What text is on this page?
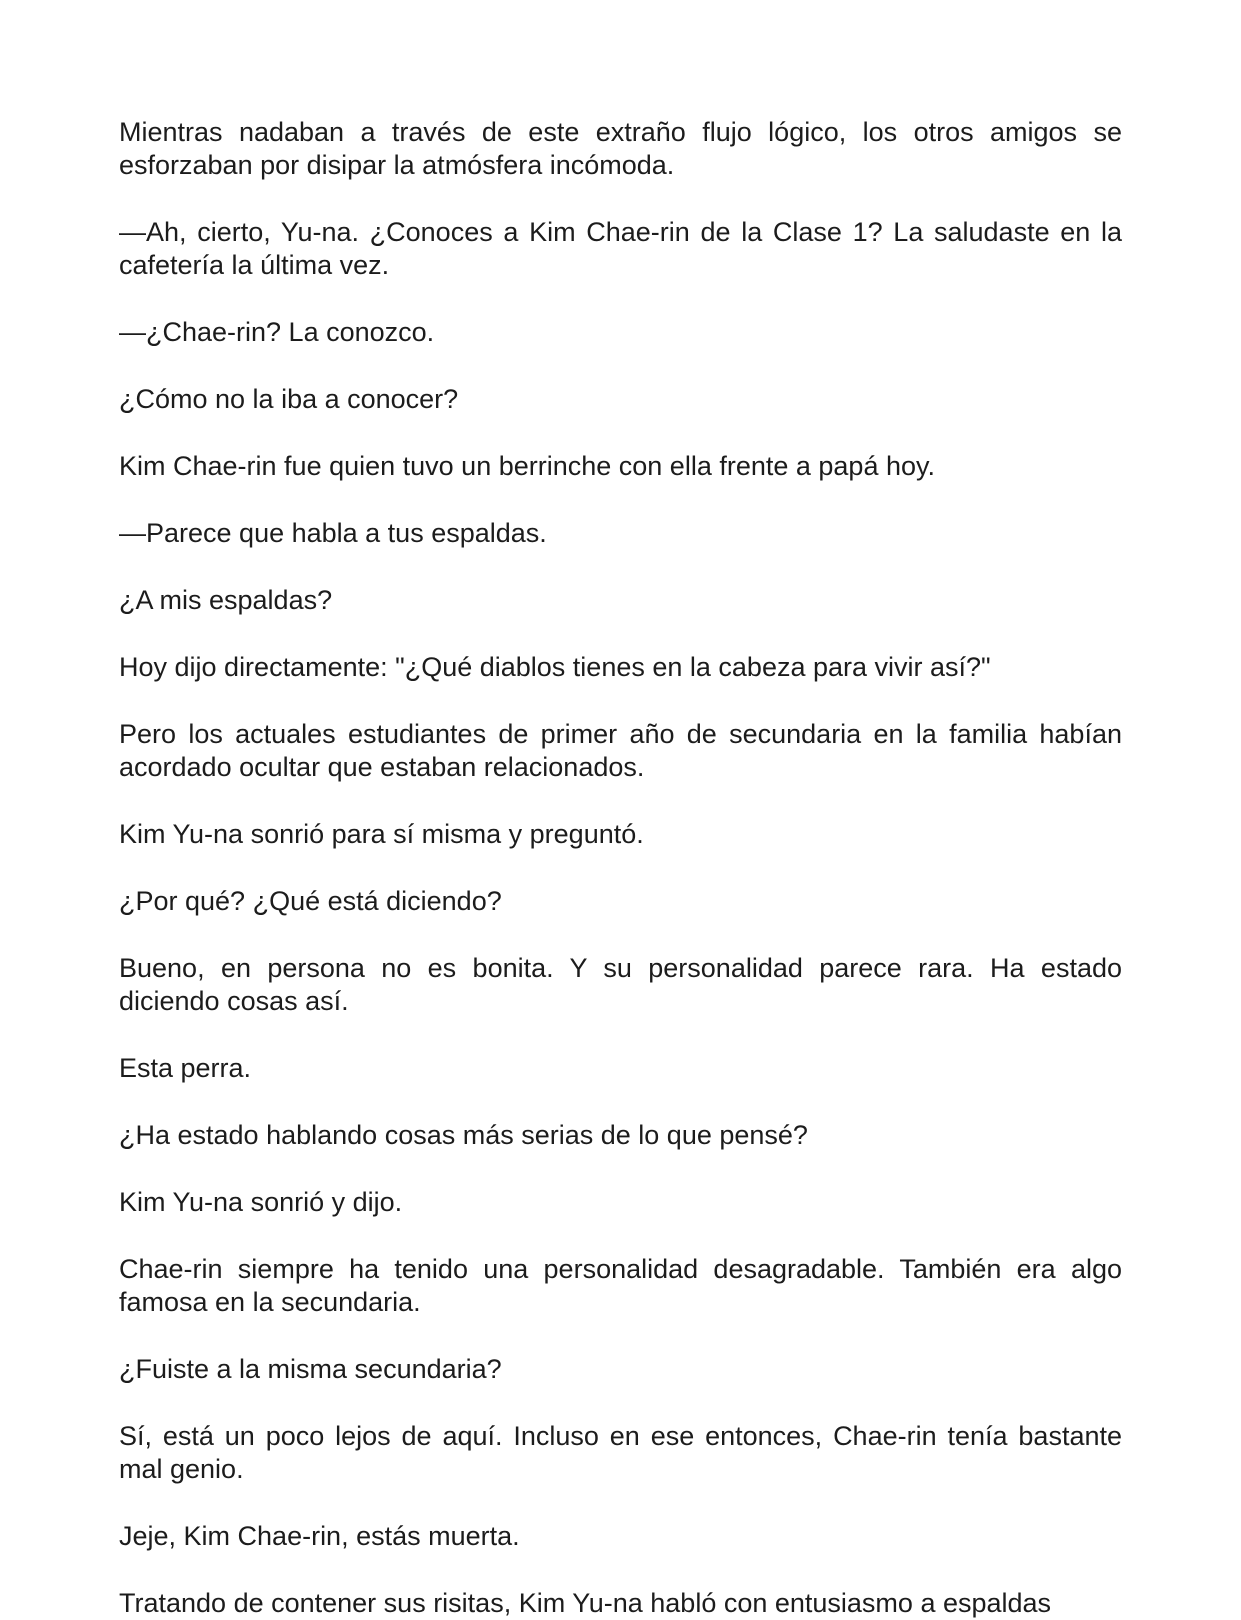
Mientras nadaban a través de este extraño flujo lógico, los otros amigos se esforzaban por disipar la atmósfera incómoda.

—Ah, cierto, Yu-na. ¿Conoces a Kim Chae-rin de la Clase 1? La saludaste en la cafetería la última vez.

—¿Chae-rin? La conozco.

¿Cómo no la iba a conocer?

Kim Chae-rin fue quien tuvo un berrinche con ella frente a papá hoy.

—Parece que habla a tus espaldas.

¿A mis espaldas?

Hoy dijo directamente: "¿Qué diablos tienes en la cabeza para vivir así?"

Pero los actuales estudiantes de primer año de secundaria en la familia habían acordado ocultar que estaban relacionados.

Kim Yu-na sonrió para sí misma y preguntó.

¿Por qué? ¿Qué está diciendo?

Bueno, en persona no es bonita. Y su personalidad parece rara. Ha estado diciendo cosas así.

Esta perra.

¿Ha estado hablando cosas más serias de lo que pensé?

Kim Yu-na sonrió y dijo.

Chae-rin siempre ha tenido una personalidad desagradable. También era algo famosa en la secundaria.

¿Fuiste a la misma secundaria?

Sí, está un poco lejos de aquí. Incluso en ese entonces, Chae-rin tenía bastante mal genio.

Jeje, Kim Chae-rin, estás muerta.

Tratando de contener sus risitas, Kim Yu-na habló con entusiasmo a espaldas
